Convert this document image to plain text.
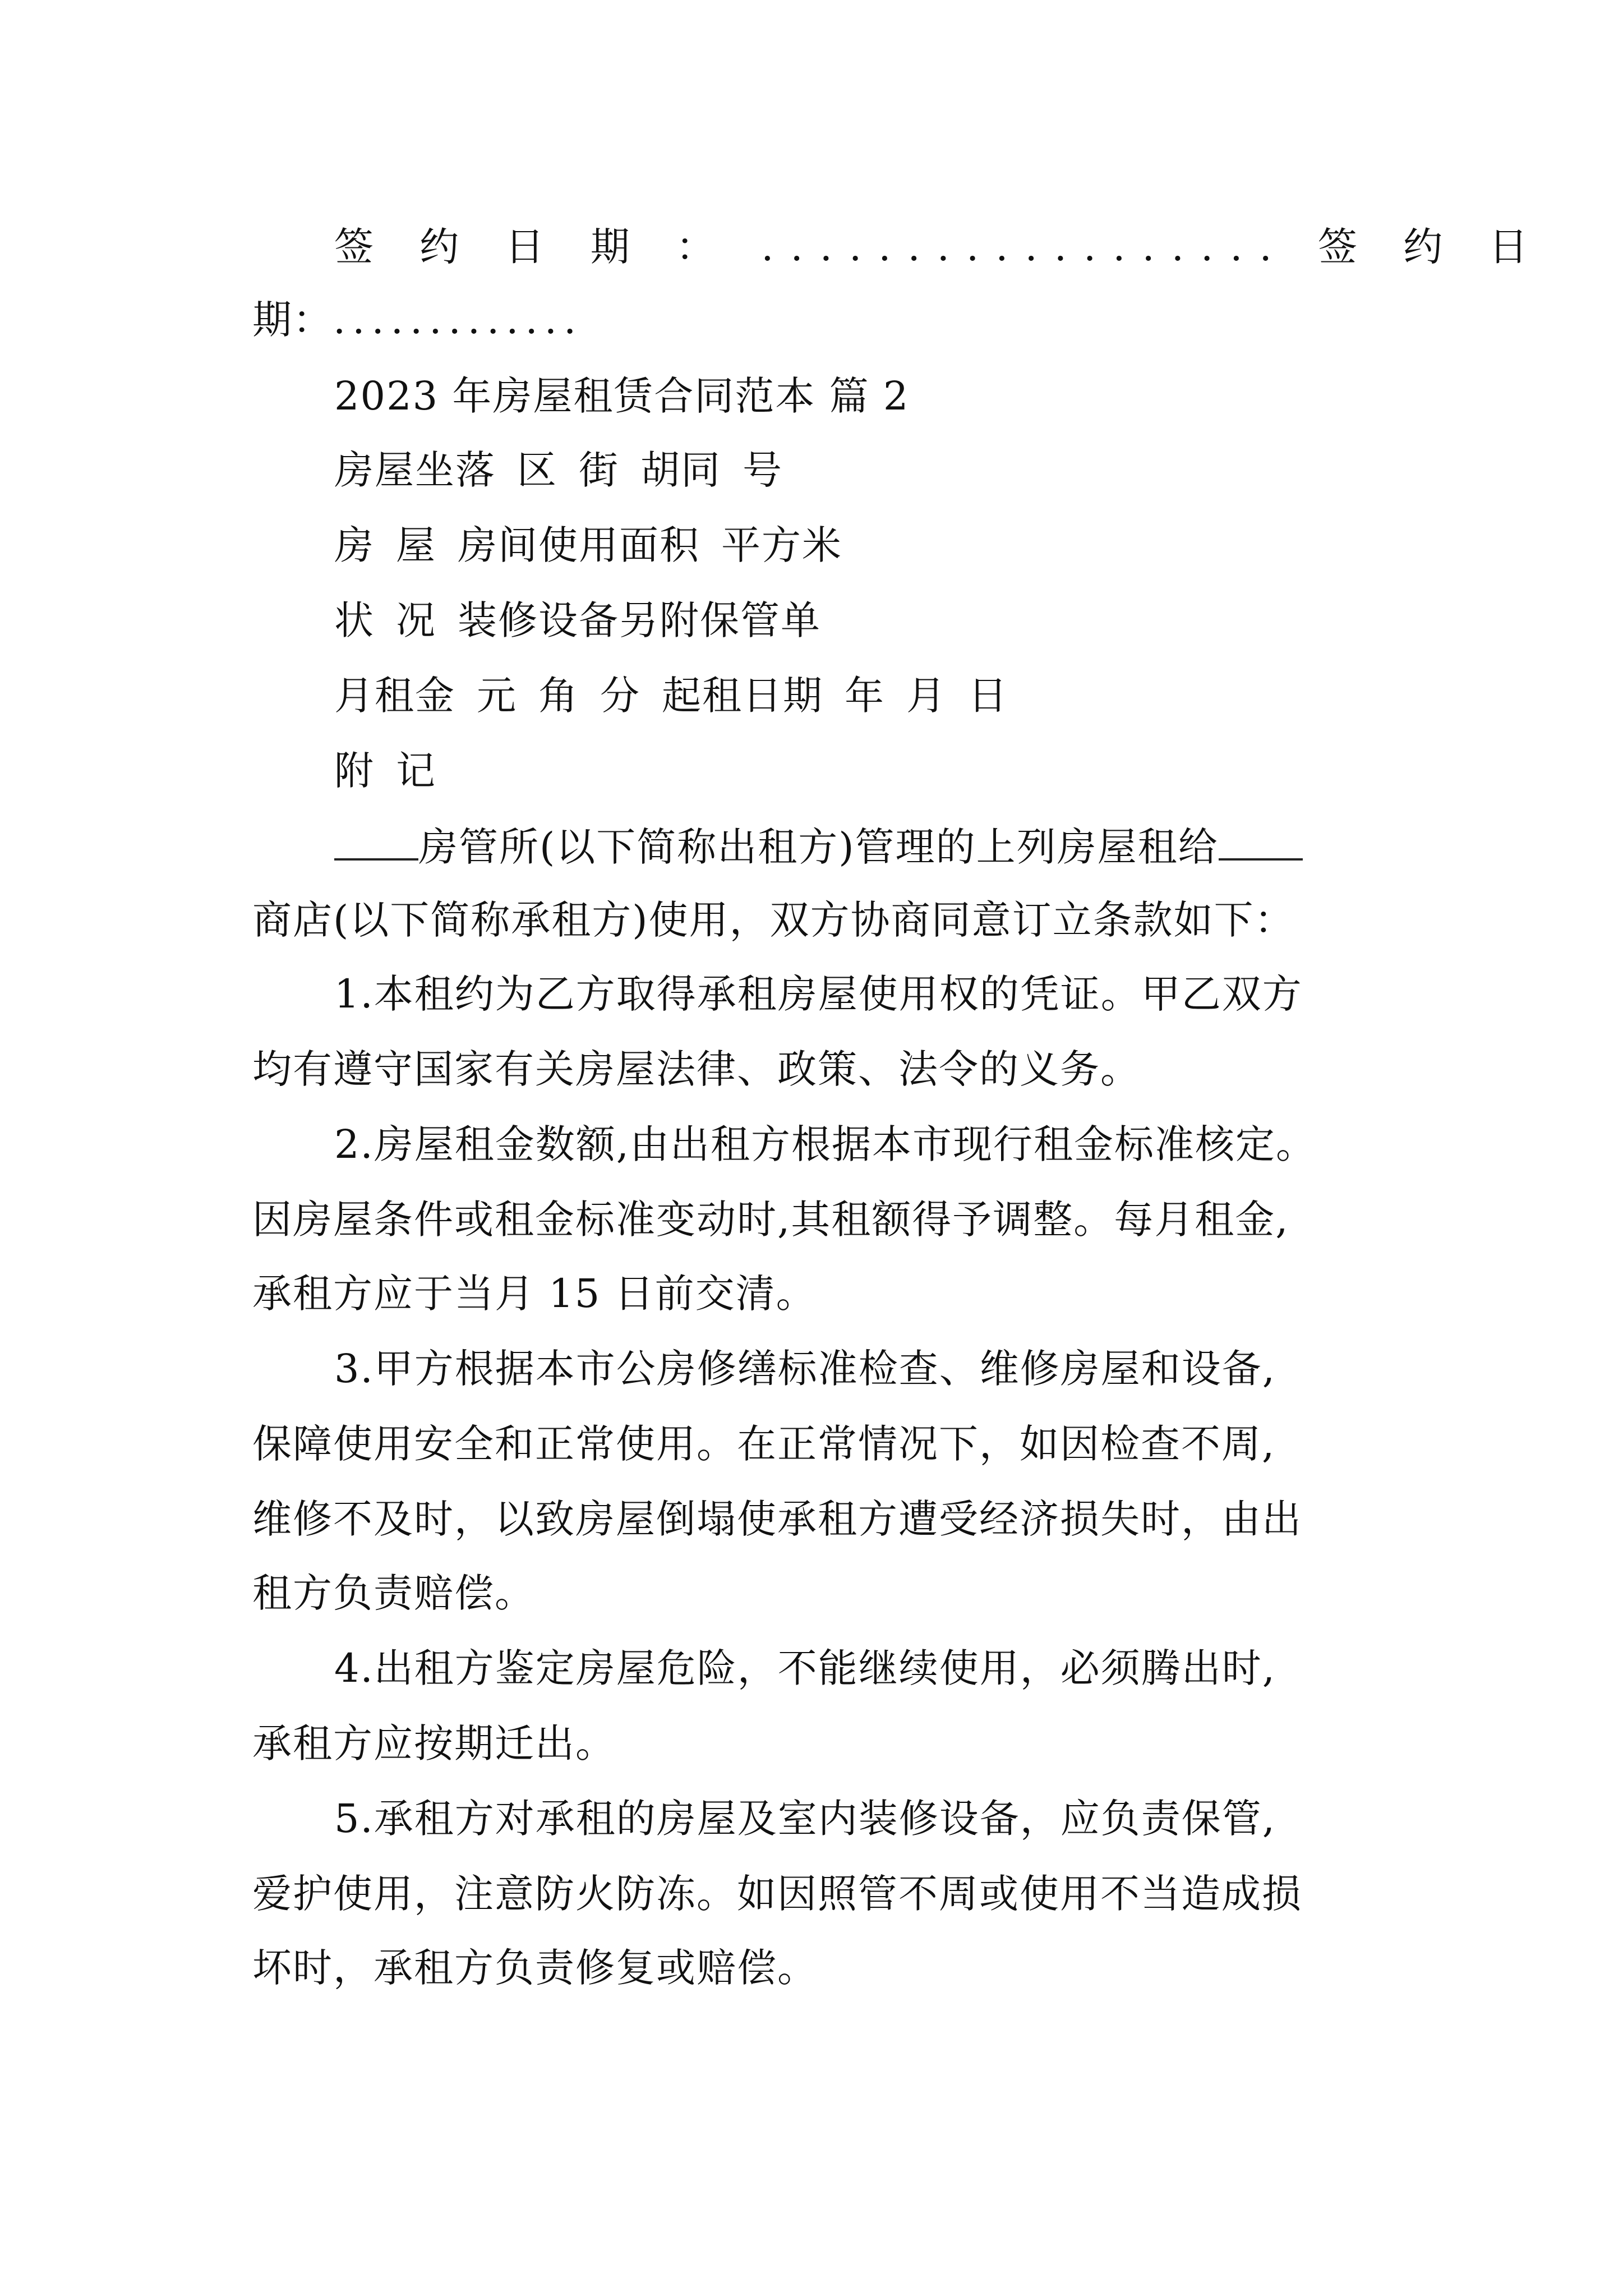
签 约 日 期 ： .................. 签 约 日
期：.............
2023 年房屋租赁合同范本 篇 2
房屋坐落 区 街 胡同 号
房 屋 房间使用面积 平方米
状 况 装修设备另附保管单
月租金 元 角 分 起租日期 年 月 日
附 记
房管所(以下简称出租方)管理的上列房屋租给
商店(以下简称承租方)使用，双方协商同意订立条款如下：
1.本租约为乙方取得承租房屋使用权的凭证。甲乙双方
均有遵守国家有关房屋法律、政策、法令的义务。
2.房屋租金数额,由出租方根据本市现行租金标准核定。
因房屋条件或租金标准变动时,其租额得予调整。每月租金,
承租方应于当月 15 日前交清。
3.甲方根据本市公房修缮标准检查、维修房屋和设备,
保障使用安全和正常使用。在正常情况下，如因检查不周,
维修不及时，以致房屋倒塌使承租方遭受经济损失时，由出
租方负责赔偿。
4.出租方鉴定房屋危险，不能继续使用，必须腾出时,
承租方应按期迁出。
5.承租方对承租的房屋及室内装修设备，应负责保管,
爱护使用，注意防火防冻。如因照管不周或使用不当造成损
坏时，承租方负责修复或赔偿。
